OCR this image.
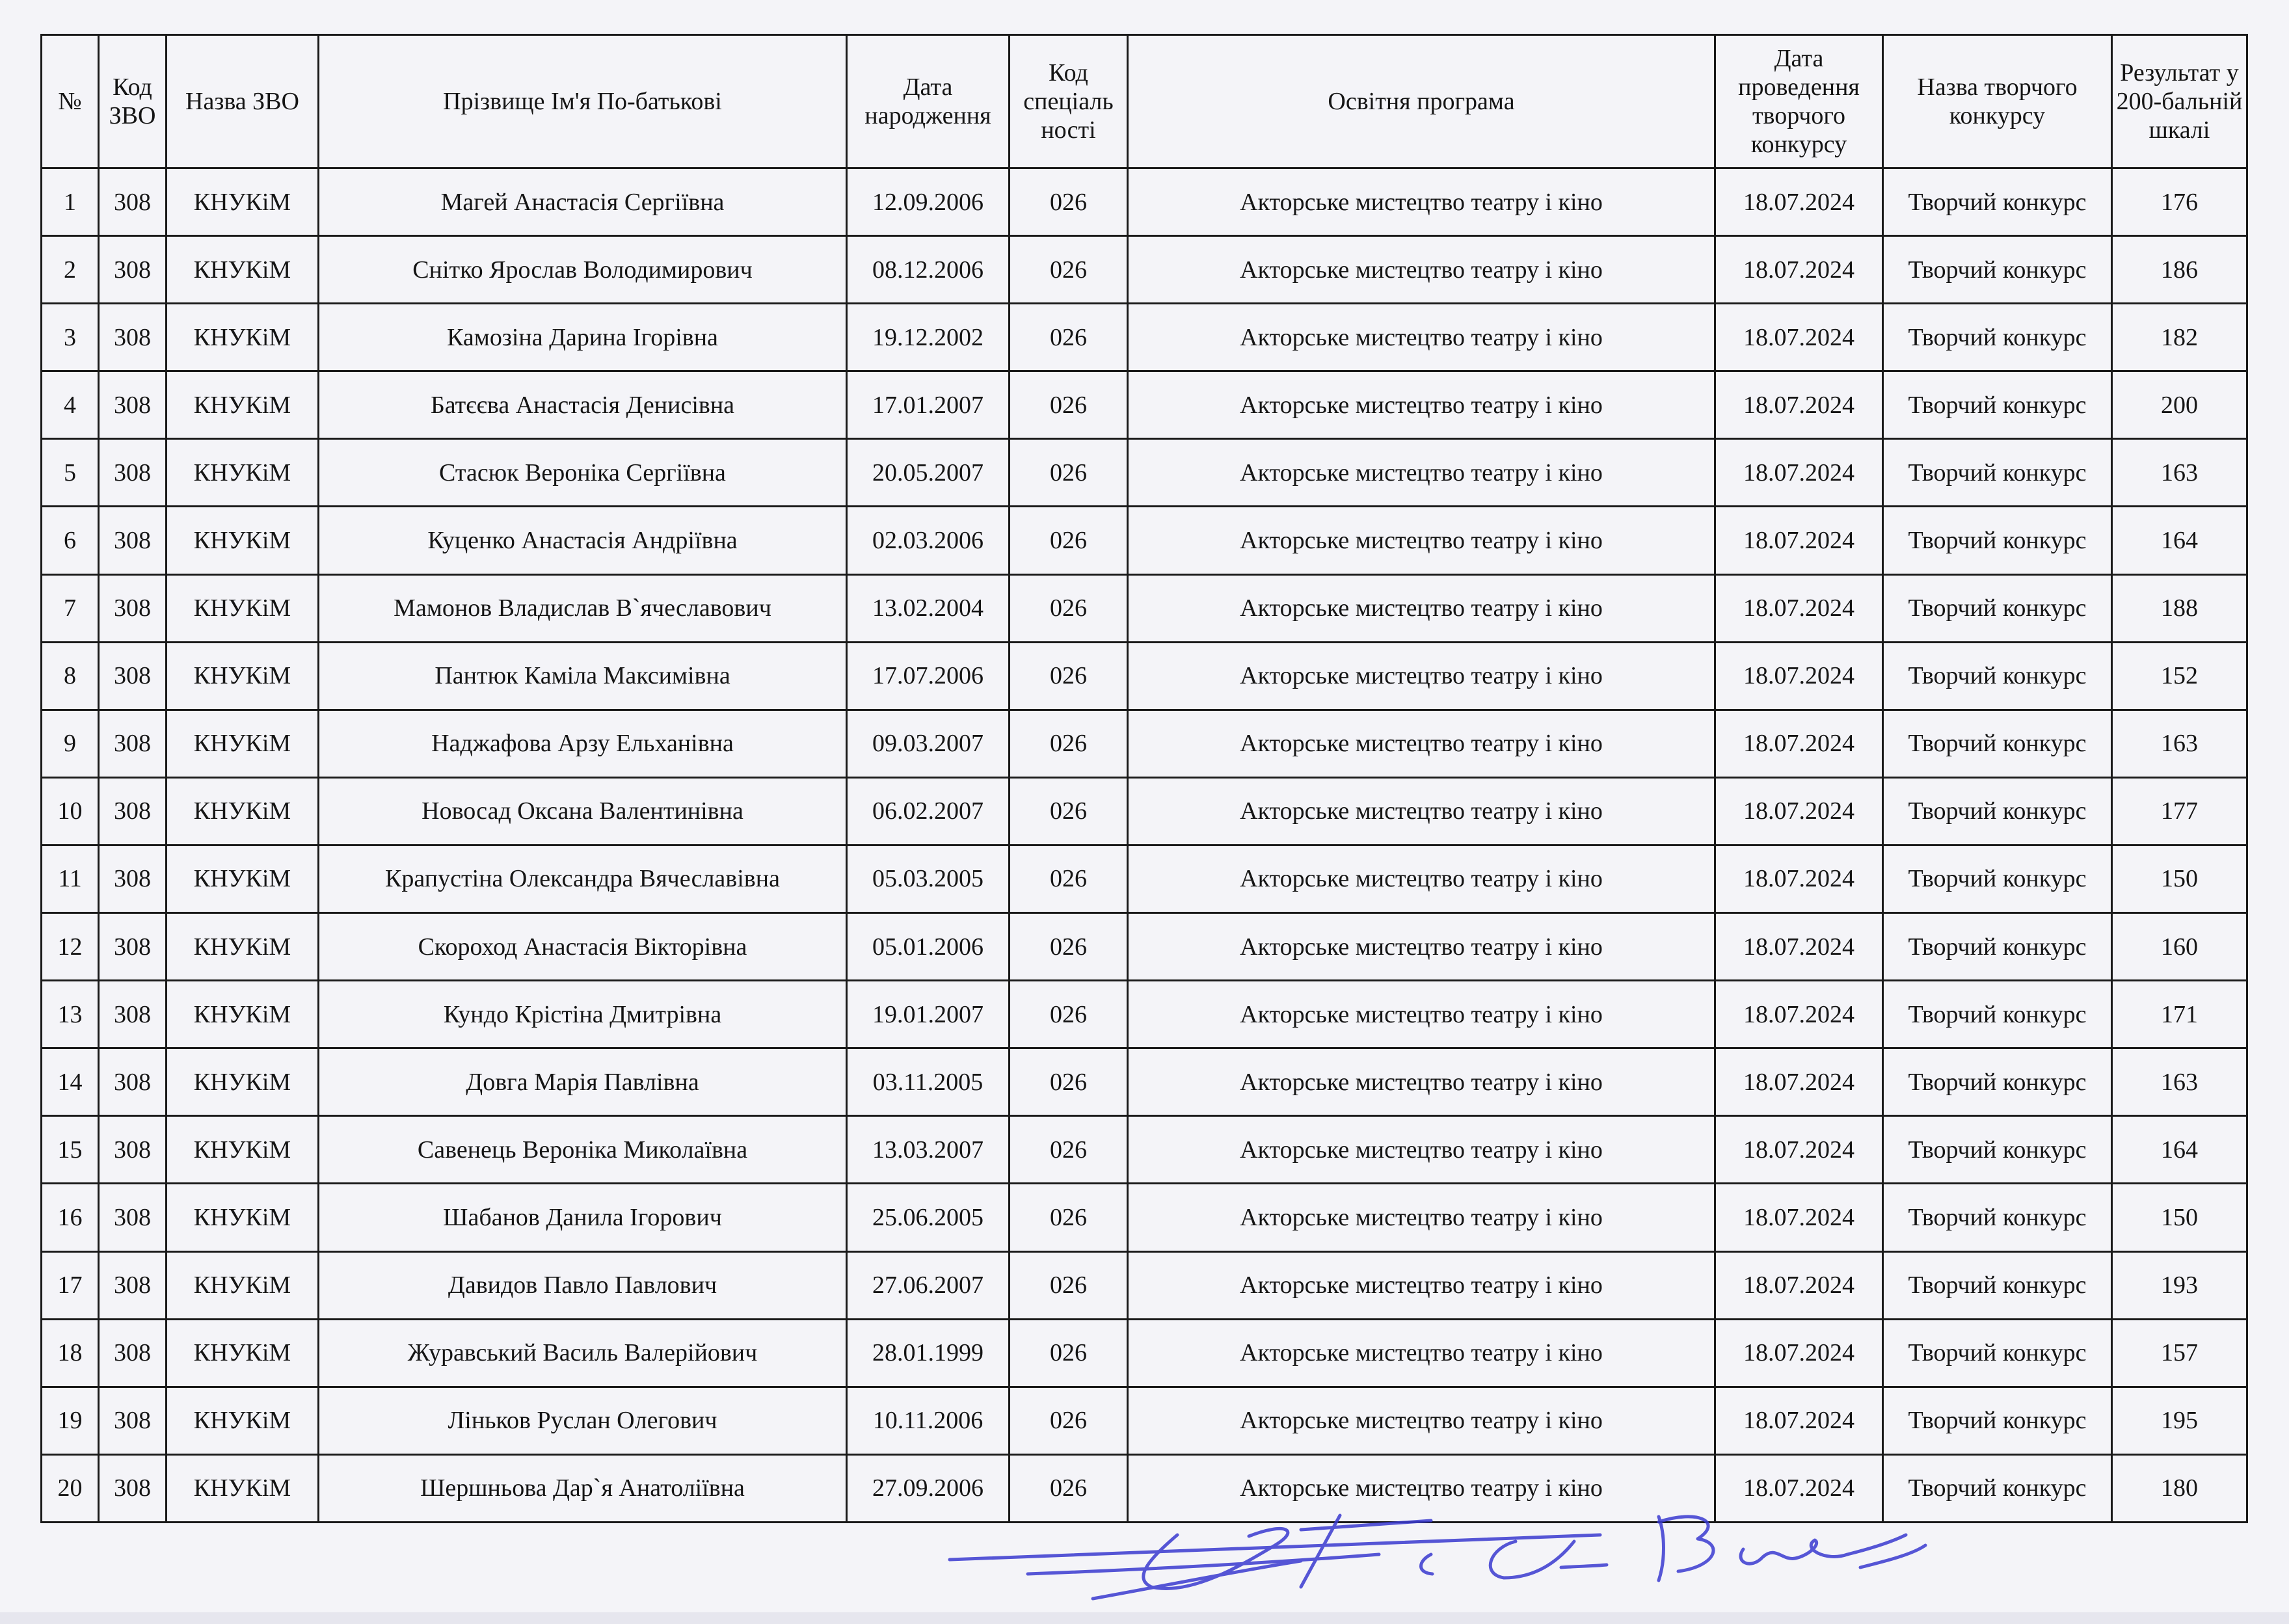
№	Код ЗВО	Назва ЗВО	Прізвище Ім'я По-батькові	Дата народження	Код спеціаль ності	Освітня програма	Дата проведення творчого конкурсу	Назва творчого конкурсу	Результат у 200-бальній шкалі
1	308	КНУКіМ	Магей Анастасія Сергіївна	12.09.2006	026	Акторське мистецтво театру і кіно	18.07.2024	Творчий конкурс	176
2	308	КНУКіМ	Снітко Ярослав Володимирович	08.12.2006	026	Акторське мистецтво театру і кіно	18.07.2024	Творчий конкурс	186
3	308	КНУКіМ	Камозіна Дарина Ігорівна	19.12.2002	026	Акторське мистецтво театру і кіно	18.07.2024	Творчий конкурс	182
4	308	КНУКіМ	Батєєва Анастасія Денисівна	17.01.2007	026	Акторське мистецтво театру і кіно	18.07.2024	Творчий конкурс	200
5	308	КНУКіМ	Стасюк Вероніка Сергіївна	20.05.2007	026	Акторське мистецтво театру і кіно	18.07.2024	Творчий конкурс	163
6	308	КНУКіМ	Куценко Анастасія Андріївна	02.03.2006	026	Акторське мистецтво театру і кіно	18.07.2024	Творчий конкурс	164
7	308	КНУКіМ	Мамонов Владислав В`ячеславович	13.02.2004	026	Акторське мистецтво театру і кіно	18.07.2024	Творчий конкурс	188
8	308	КНУКіМ	Пантюк Каміла Максимівна	17.07.2006	026	Акторське мистецтво театру і кіно	18.07.2024	Творчий конкурс	152
9	308	КНУКіМ	Наджафова Арзу Ельханівна	09.03.2007	026	Акторське мистецтво театру і кіно	18.07.2024	Творчий конкурс	163
10	308	КНУКіМ	Новосад Оксана Валентинівна	06.02.2007	026	Акторське мистецтво театру і кіно	18.07.2024	Творчий конкурс	177
11	308	КНУКіМ	Крапустіна Олександра Вячеславівна	05.03.2005	026	Акторське мистецтво театру і кіно	18.07.2024	Творчий конкурс	150
12	308	КНУКіМ	Скороход Анастасія Вікторівна	05.01.2006	026	Акторське мистецтво театру і кіно	18.07.2024	Творчий конкурс	160
13	308	КНУКіМ	Кундо Крістіна Дмитрівна	19.01.2007	026	Акторське мистецтво театру і кіно	18.07.2024	Творчий конкурс	171
14	308	КНУКіМ	Довга Марія Павлівна	03.11.2005	026	Акторське мистецтво театру і кіно	18.07.2024	Творчий конкурс	163
15	308	КНУКіМ	Савенець Вероніка Миколаївна	13.03.2007	026	Акторське мистецтво театру і кіно	18.07.2024	Творчий конкурс	164
16	308	КНУКіМ	Шабанов Данила Ігорович	25.06.2005	026	Акторське мистецтво театру і кіно	18.07.2024	Творчий конкурс	150
17	308	КНУКіМ	Давидов Павло Павлович	27.06.2007	026	Акторське мистецтво театру і кіно	18.07.2024	Творчий конкурс	193
18	308	КНУКіМ	Журавський Василь Валерійович	28.01.1999	026	Акторське мистецтво театру і кіно	18.07.2024	Творчий конкурс	157
19	308	КНУКіМ	Ліньков Руслан Олегович	10.11.2006	026	Акторське мистецтво театру і кіно	18.07.2024	Творчий конкурс	195
20	308	КНУКіМ	Шершньова Дар`я Анатоліївна	27.09.2006	026	Акторське мистецтво театру і кіно	18.07.2024	Творчий конкурс	180
